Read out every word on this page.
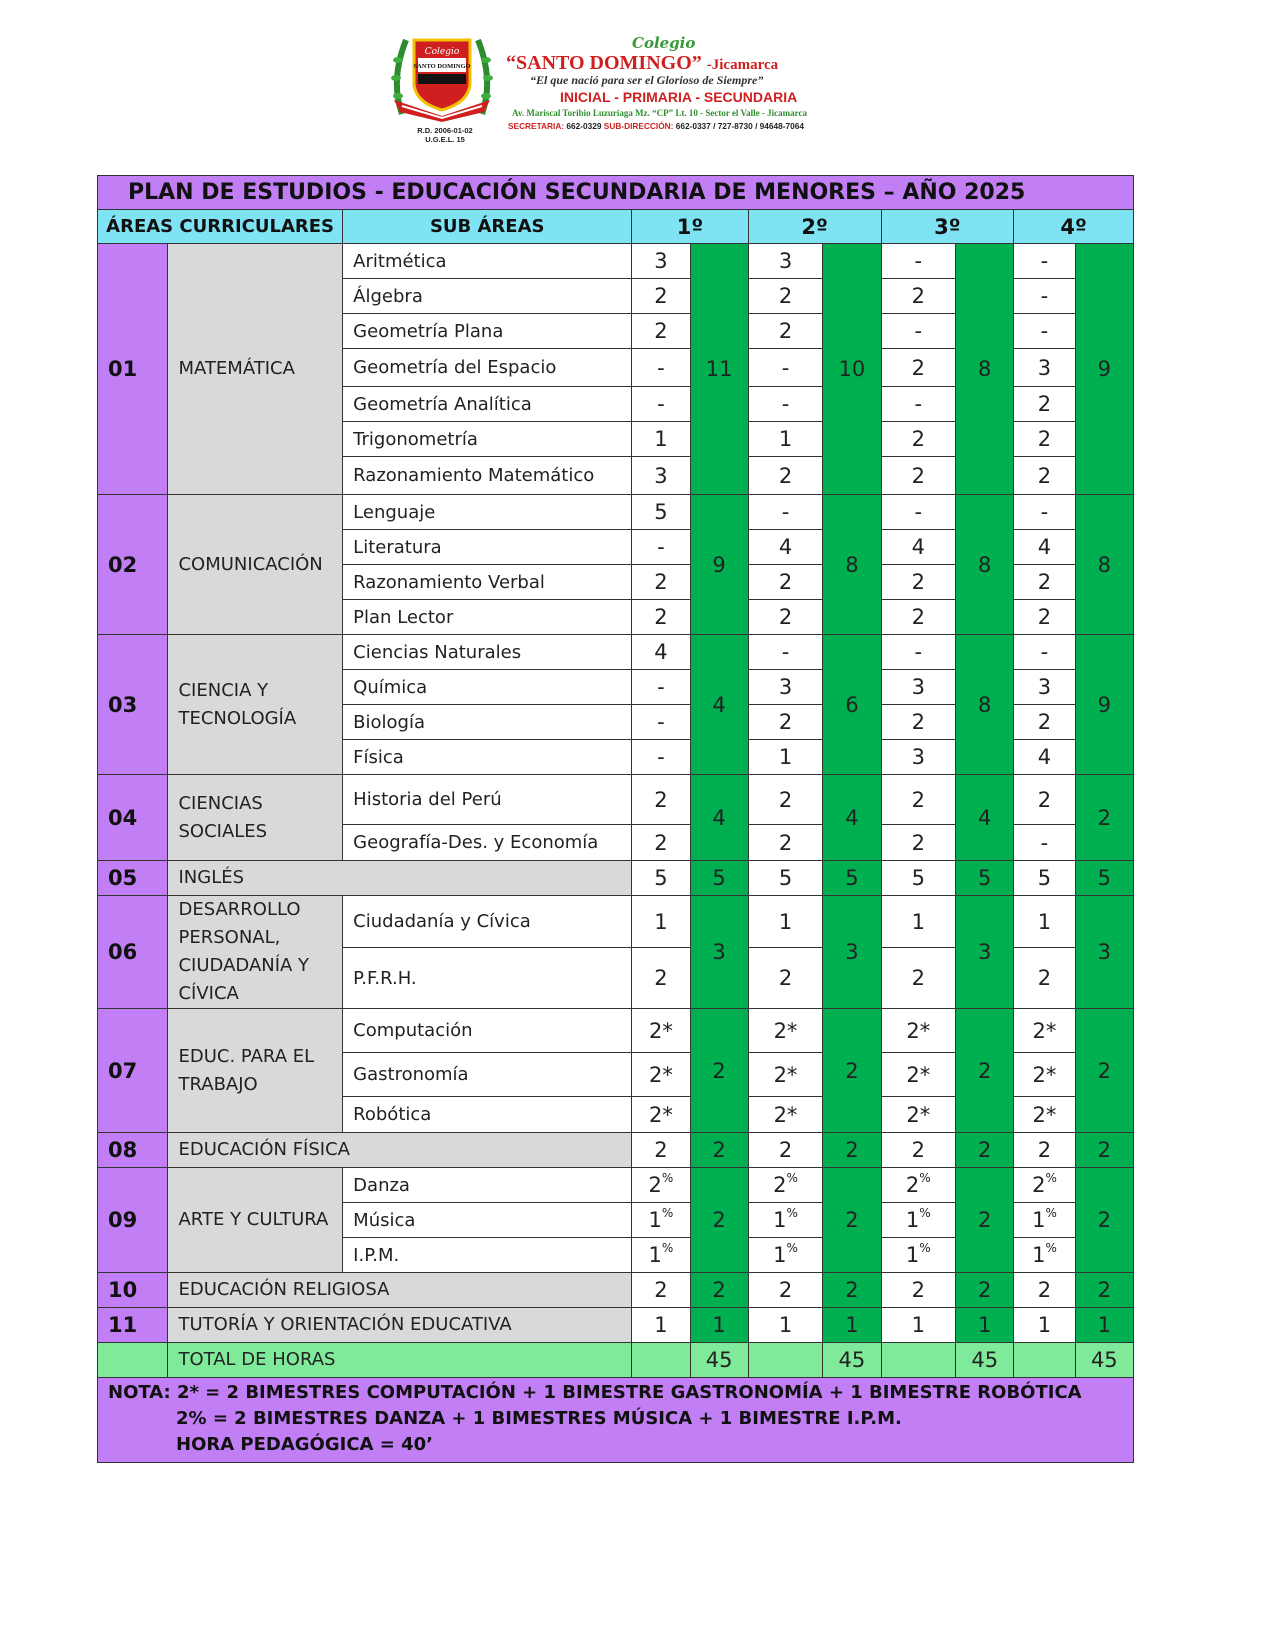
Colegio
SANTO DOMINGO
R.D. 2006-01-02
U.G.E.L. 15
Colegio
“SANTO DOMINGO” -Jicamarca
“El que nació para ser el Glorioso de Siempre”
INICIAL - PRIMARIA - SECUNDARIA
Av. Mariscal Toribio Luzuriaga Mz. “CP” Lt. 10 - Sector el Valle - Jicamarca
SECRETARIA: 662-0329 SUB-DIRECCIÓN: 662-0337 / 727-8730 / 94648-7064
PLAN DE ESTUDIOS - EDUCACIÓN SECUNDARIA DE MENORES – AÑO 2025										
ÁREAS CURRICULARES		SUB ÁREAS	1º		2º		3º		4º	
01	MATEMÁTICA	Aritmética	3	11	3	10	-	8	-	9
		Álgebra	2		2		2		-	
		Geometría Plana	2		2		-		-	
		Geometría del Espacio	-		-		2		3	
		Geometría Analítica	-		-		-		2	
		Trigonometría	1		1		2		2	
		Razonamiento Matemático	3		2		2		2	
02	COMUNICACIÓN	Lenguaje	5	9	-	8	-	8	-	8
		Literatura	-		4		4		4	
		Razonamiento Verbal	2		2		2		2	
		Plan Lector	2		2		2		2	
03	CIENCIA Y TECNOLOGÍA	Ciencias Naturales	4	4	-	6	-	8	-	9
		Química	-		3		3		3	
		Biología	-		2		2		2	
		Física	-		1		3		4	
04	CIENCIAS SOCIALES	Historia del Perú	2	4	2	4	2	4	2	2
		Geografía-Des. y Economía	2		2		2		-	
05	INGLÉS		5	5	5	5	5	5	5	5
06	DESARROLLO PERSONAL, CIUDADANÍA Y CÍVICA	Ciudadanía y Cívica	1	3	1	3	1	3	1	3
		P.F.R.H.	2		2		2		2	
07	EDUC. PARA EL TRABAJO	Computación	2*	2	2*	2	2*	2	2*	2
		Gastronomía	2*		2*		2*		2*	
		Robótica	2*		2*		2*		2*	
08	EDUCACIÓN FÍSICA		2	2	2	2	2	2	2	2
09	ARTE Y CULTURA	Danza	2%	2	2%	2	2%	2	2%	2
		Música	1%		1%		1%		1%
		I.P.M.	1%		1%		1%		1%
10	EDUCACIÓN RELIGIOSA		2	2	2	2	2	2	2	2
11	TUTORÍA Y ORIENTACIÓN EDUCATIVA		1	1	1	1	1	1	1	1
	TOTAL DE HORAS			45		45		45		45

NOTA: 2* = 2 BIMESTRES COMPUTACIÓN + 1 BIMESTRE GASTRONOMÍA + 1 BIMESTRE ROBÓTICA
2% = 2 BIMESTRES DANZA + 1 BIMESTRES MÚSICA + 1 BIMESTRE I.P.M.
HORA PEDAGÓGICA = 40’										
